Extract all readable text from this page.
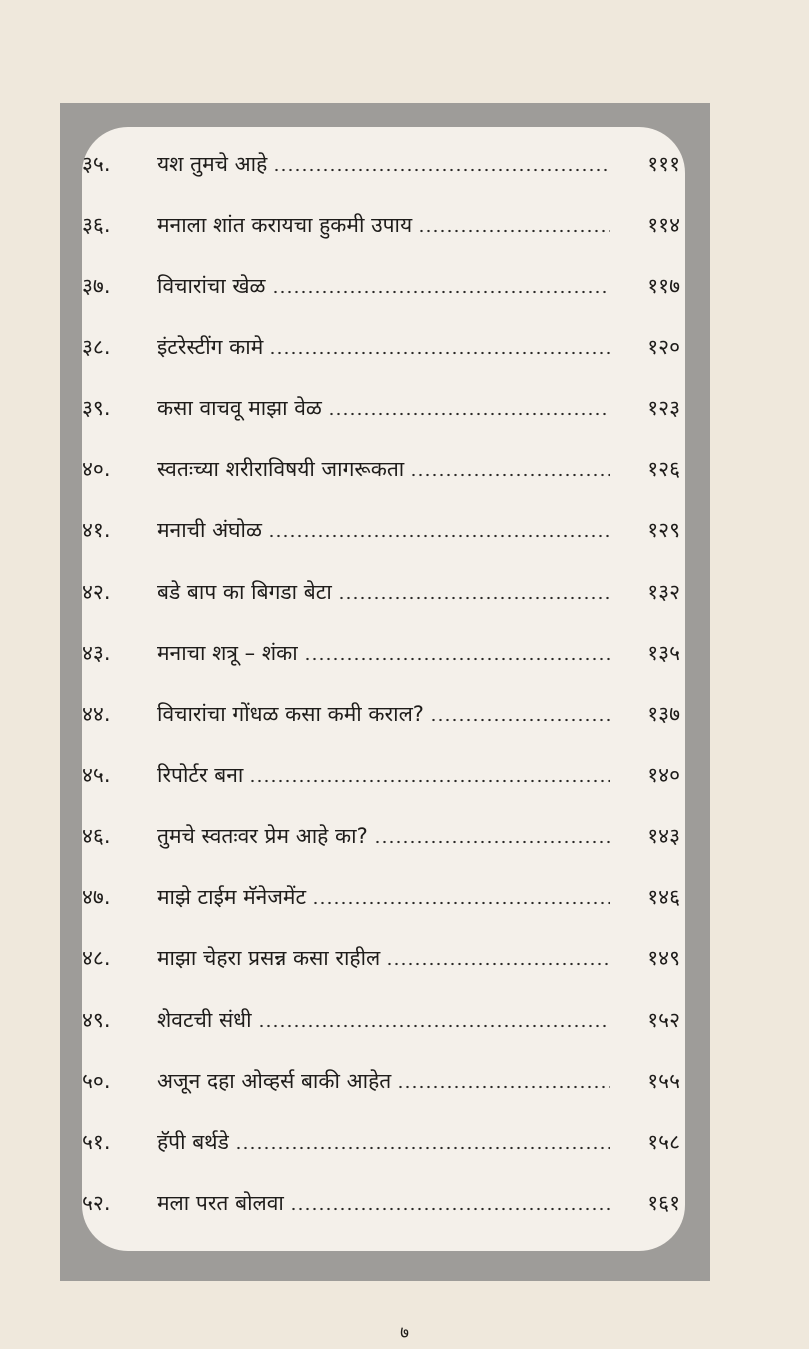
३५.	यश तुमचे आहे	१११
३६.	मनाला शांत करायचा हुकमी उपाय	११४
३७.	विचारांचा खेळ	११७
३८.	इंटरेस्टींग कामे	१२०
३९.	कसा वाचवू माझा वेळ	१२३
४०.	स्वतःच्या शरीराविषयी जागरूकता	१२६
४१.	मनाची अंघोळ	१२९
४२.	बडे बाप का बिगडा बेटा	१३२
४३.	मनाचा शत्रू – शंका	१३५
४४.	विचारांचा गोंधळ कसा कमी कराल?	१३७
४५.	रिपोर्टर बना	१४०
४६.	तुमचे स्वतःवर प्रेम आहे का?	१४३
४७.	माझे टाईम मॅनेजमेंट	१४६
४८.	माझा चेहरा प्रसन्न कसा राहील	१४९
४९.	शेवटची संधी	१५२
५०.	अजून दहा ओव्हर्स बाकी आहेत	१५५
५१.	हॅपी बर्थडे	१५८
५२.	मला परत बोलवा	१६१
७
